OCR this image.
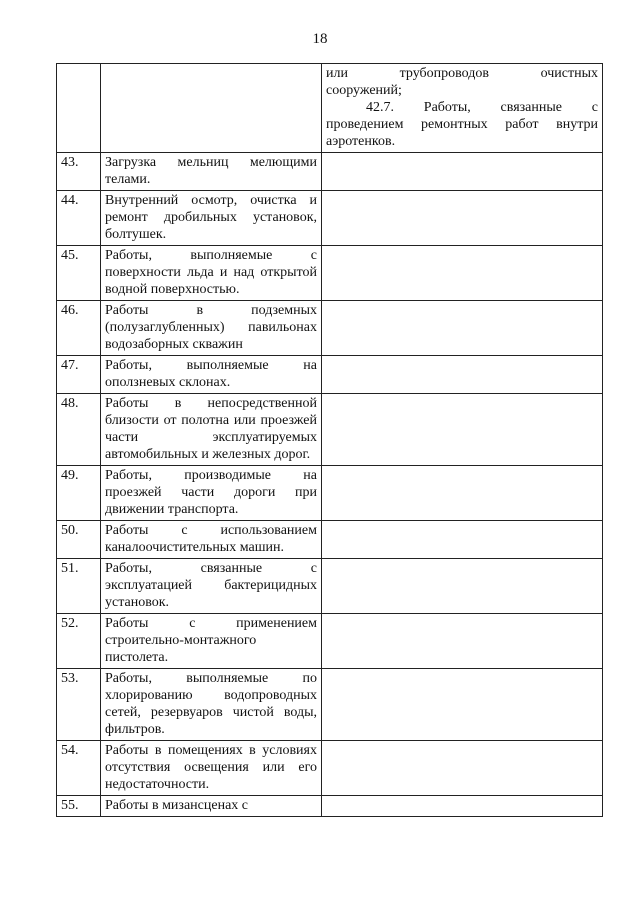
18

		или трубопроводов очистных
сооружений;
42.7. Работы, связанные с
проведением ремонтных работ внутри
аэротенков.

43.	Загрузка мельниц мелющими телами.	
44.	Внутренний осмотр, очистка и ремонт дробильных установок, болтушек.	
45.	Работы, выполняемые с поверхности льда и над открытой водной поверхностью.	
46.	Работы в подземных (полузаглубленных) павильонах водозаборных скважин	
47.	Работы, выполняемые на оползневых склонах.	
48.	Работы в непосредственной близости от полотна или проезжей части эксплуатируемых автомобильных и железных дорог.	
49.	Работы, производимые на проезжей части дороги при движении транспорта.	
50.	Работы с использованием каналоочистительных машин.	
51.	Работы, связанные с эксплуатацией бактерицидных установок.	
52.	Работы с применением строительно-монтажного пистолета.	
53.	Работы, выполняемые по хлорированию водопроводных сетей, резервуаров чистой воды, фильтров.	
54.	Работы в помещениях в условиях отсутствия освещения или его недостаточности.	
55.	Работы в мизансценах с	
